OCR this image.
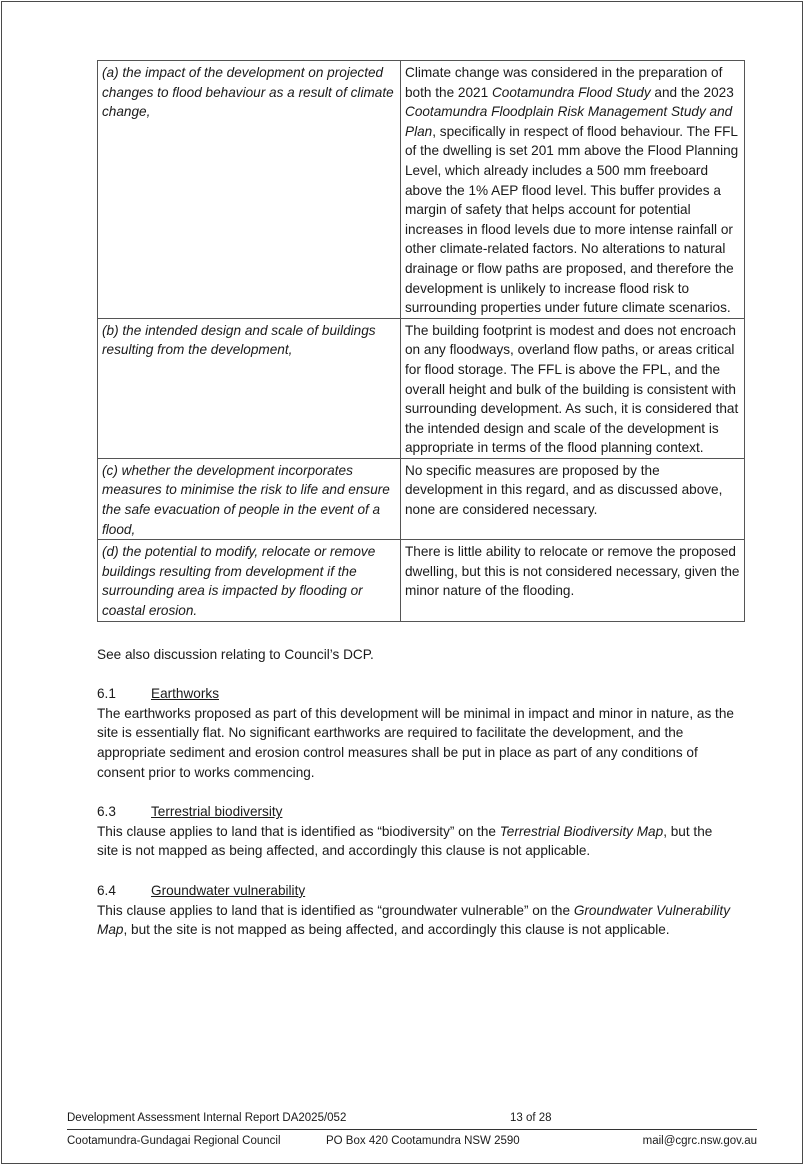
(a) the impact of the development on projected changes to flood behaviour as a result of climate change,	Climate change was considered in the preparation of both the 2021 Cootamundra Flood Study and the 2023 Cootamundra Floodplain Risk Management Study and Plan, specifically in respect of flood behaviour. The FFL of the dwelling is set 201 mm above the Flood Planning Level, which already includes a 500 mm freeboard above the 1% AEP flood level. This buffer provides a margin of safety that helps account for potential increases in flood levels due to more intense rainfall or other climate-related factors. No alterations to natural drainage or flow paths are proposed, and therefore the development is unlikely to increase flood risk to surrounding properties under future climate scenarios.
(b) the intended design and scale of buildings resulting from the development,	The building footprint is modest and does not encroach on any floodways, overland flow paths, or areas critical for flood storage. The FFL is above the FPL, and the overall height and bulk of the building is consistent with surrounding development. As such, it is considered that the intended design and scale of the development is appropriate in terms of the flood planning context.
(c) whether the development incorporates measures to minimise the risk to life and ensure the safe evacuation of people in the event of a flood,	No specific measures are proposed by the development in this regard, and as discussed above, none are considered necessary.
(d) the potential to modify, relocate or remove buildings resulting from development if the surrounding area is impacted by flooding or coastal erosion.	There is little ability to relocate or remove the proposed dwelling, but this is not considered necessary, given the minor nature of the flooding.

See also discussion relating to Council’s DCP.

6.1	Earthworks

The earthworks proposed as part of this development will be minimal in impact and minor in nature, as the site is essentially flat. No significant earthworks are required to facilitate the development, and the appropriate sediment and erosion control measures shall be put in place as part of any conditions of consent prior to works commencing.

6.3	Terrestrial biodiversity

This clause applies to land that is identified as “biodiversity” on the Terrestrial Biodiversity Map, but the site is not mapped as being affected, and accordingly this clause is not applicable.

6.4	Groundwater vulnerability

This clause applies to land that is identified as “groundwater vulnerable” on the Groundwater Vulnerability Map, but the site is not mapped as being affected, and accordingly this clause is not applicable.

Development Assessment Internal Report DA2025/052	13 of 28
Cootamundra-Gundagai Regional Council	PO Box 420 Cootamundra NSW 2590	mail@cgrc.nsw.gov.au
